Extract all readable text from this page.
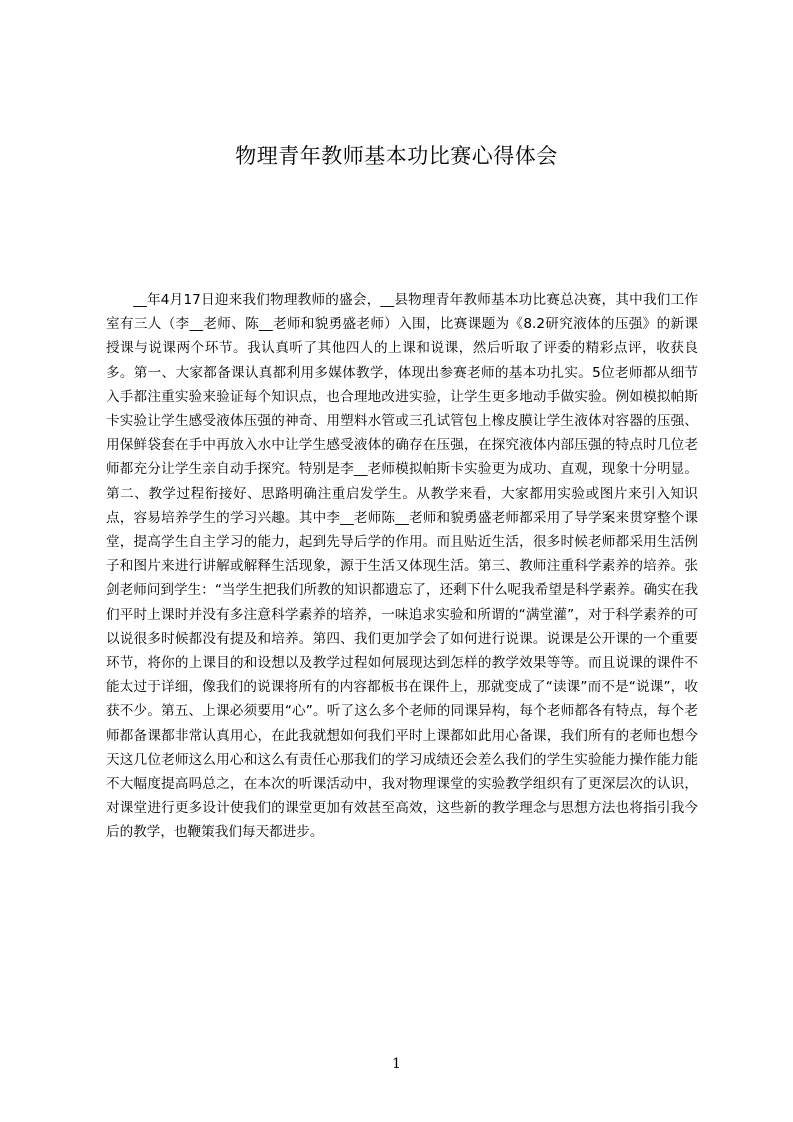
物理青年教师基本功比赛心得体会

__年4月17日迎来我们物理教师的盛会，__县物理青年教师基本功比赛总决赛，其中我们工作室有三人（李__老师、陈__老师和貌勇盛老师）入围，比赛课题为《8.2研究液体的压强》的新课授课与说课两个环节。我认真听了其他四人的上课和说课，然后听取了评委的精彩点评，收获良多。第一、大家都备课认真都利用多媒体教学，体现出参赛老师的基本功扎实。5位老师都从细节入手都注重实验来验证每个知识点，也合理地改进实验，让学生更多地动手做实验。例如模拟帕斯卡实验让学生感受液体压强的神奇、用塑料水管或三孔试管包上橡皮膜让学生液体对容器的压强、用保鲜袋套在手中再放入水中让学生感受液体的确存在压强，在探究液体内部压强的特点时几位老师都充分让学生亲自动手探究。特别是李__老师模拟帕斯卡实验更为成功、直观，现象十分明显。第二、教学过程衔接好、思路明确注重启发学生。从教学来看，大家都用实验或图片来引入知识点，容易培养学生的学习兴趣。其中李__老师陈__老师和貌勇盛老师都采用了导学案来贯穿整个课堂，提高学生自主学习的能力，起到先导后学的作用。而且贴近生活，很多时候老师都采用生活例子和图片来进行讲解或解释生活现象，源于生活又体现生活。第三、教师注重科学素养的培养。张剑老师问到学生：“当学生把我们所教的知识都遗忘了，还剩下什么呢我希望是科学素养。确实在我们平时上课时并没有多注意科学素养的培养，一味追求实验和所谓的“满堂灌”，对于科学素养的可以说很多时候都没有提及和培养。第四、我们更加学会了如何进行说课。说课是公开课的一个重要环节，将你的上课目的和设想以及教学过程如何展现达到怎样的教学效果等等。而且说课的课件不能太过于详细，像我们的说课将所有的内容都板书在课件上，那就变成了“读课”而不是“说课”，收获不少。第五、上课必须要用“心”。听了这么多个老师的同课异构，每个老师都各有特点，每个老师都备课都非常认真用心，在此我就想如何我们平时上课都如此用心备课，我们所有的老师也想今天这几位老师这么用心和这么有责任心那我们的学习成绩还会差么我们的学生实验能力操作能力能不大幅度提高吗总之，在本次的听课活动中，我对物理课堂的实验教学组织有了更深层次的认识，对课堂进行更多设计使我们的课堂更加有效甚至高效，这些新的教学理念与思想方法也将指引我今后的教学，也鞭策我们每天都进步。

1
